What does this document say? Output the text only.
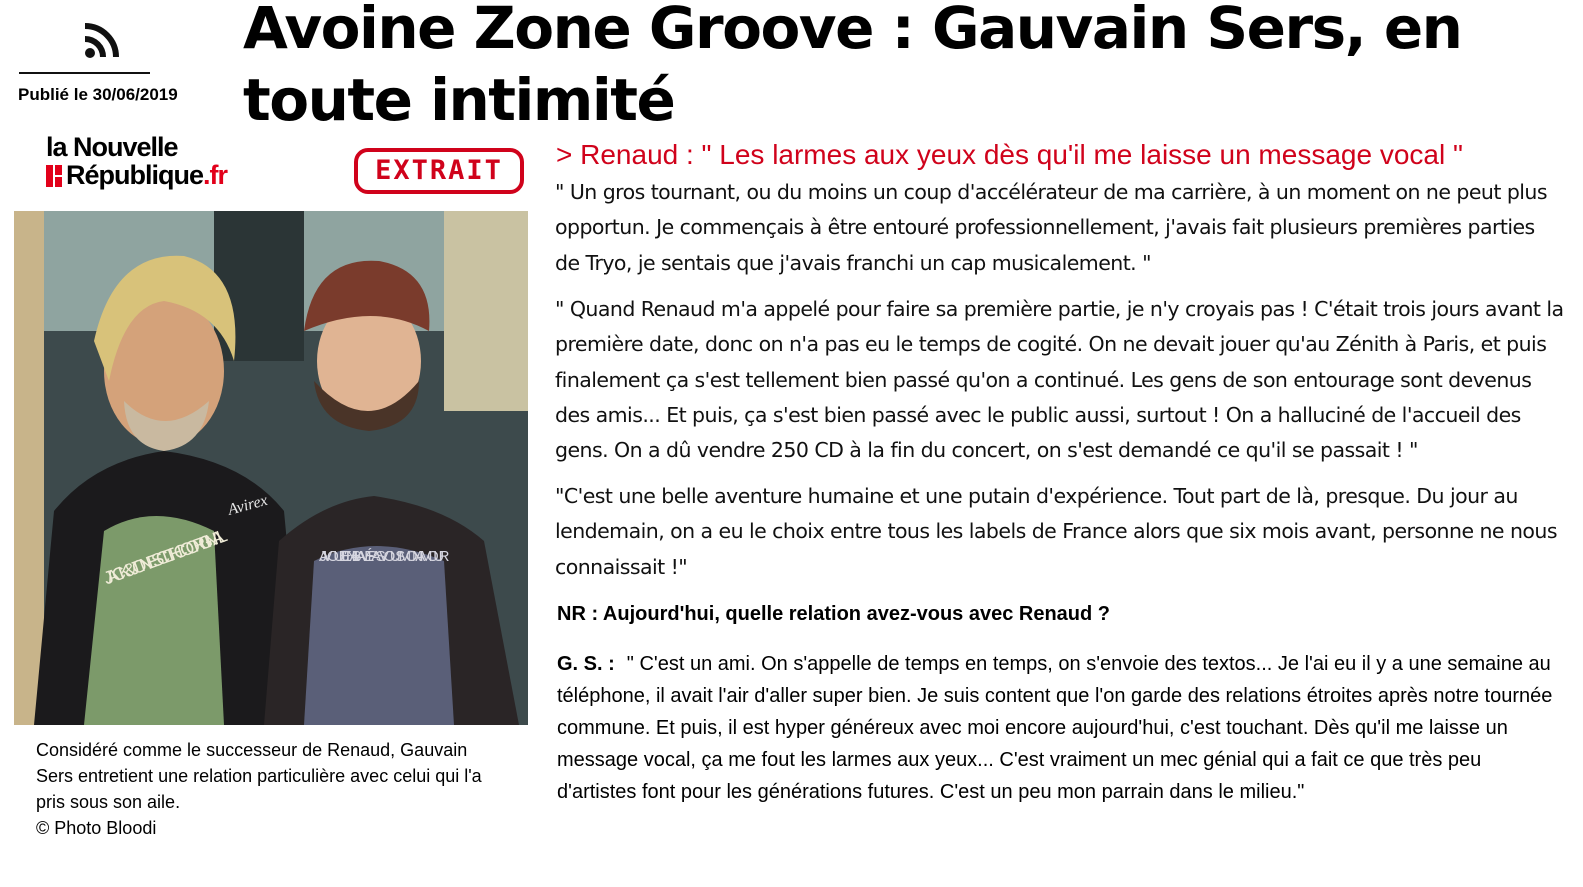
Publié le 30/06/2019
Avoine Zone Groove : Gauvain Sers, en toute intimité
la Nouvelle
République.fr	EXTRAIT
JACK&JONES CLTH. CO. ORIGINAL
Avirex
J'AVOUE J'EN AI BAVÉ PAS VOUS MON AMOUR

Considéré comme le successeur de Renaud, Gauvain Sers entretient une relation particulière avec celui qui l'a pris sous son aile.

© Photo Bloodi

> Renaud : " Les larmes aux yeux dès qu'il me laisse un message vocal "

" Un gros tournant, ou du moins un coup d'accélérateur de ma carrière, à un moment on ne peut plus opportun. Je commençais à être entouré professionnellement, j'avais fait plusieurs premières parties de Tryo, je sentais que j'avais franchi un cap musicalement. "

" Quand Renaud m'a appelé pour faire sa première partie, je n'y croyais pas ! C'était trois jours avant la première date, donc on n'a pas eu le temps de cogité. On ne devait jouer qu'au Zénith à Paris, et puis finalement ça s'est tellement bien passé qu'on a continué. Les gens de son entourage sont devenus des amis... Et puis, ça s'est bien passé avec le public aussi, surtout ! On a halluciné de l'accueil des gens. On a dû vendre 250 CD à la fin du concert, on s'est demandé ce qu'il se passait ! "

"C'est une belle aventure humaine et une putain d'expérience. Tout part de là, presque. Du jour au lendemain, on a eu le choix entre tous les labels de France alors que six mois avant, personne ne nous connaissait !"

NR : Aujourd'hui, quelle relation avez-vous avec Renaud ?

G. S. : " C'est un ami. On s'appelle de temps en temps, on s'envoie des textos... Je l'ai eu il y a une semaine au téléphone, il avait l'air d'aller super bien. Je suis content que l'on garde des relations étroites après notre tournée commune. Et puis, il est hyper généreux avec moi encore aujourd'hui, c'est touchant. Dès qu'il me laisse un message vocal, ça me fout les larmes aux yeux... C'est vraiment un mec génial qui a fait ce que très peu d'artistes font pour les générations futures. C'est un peu mon parrain dans le milieu."
